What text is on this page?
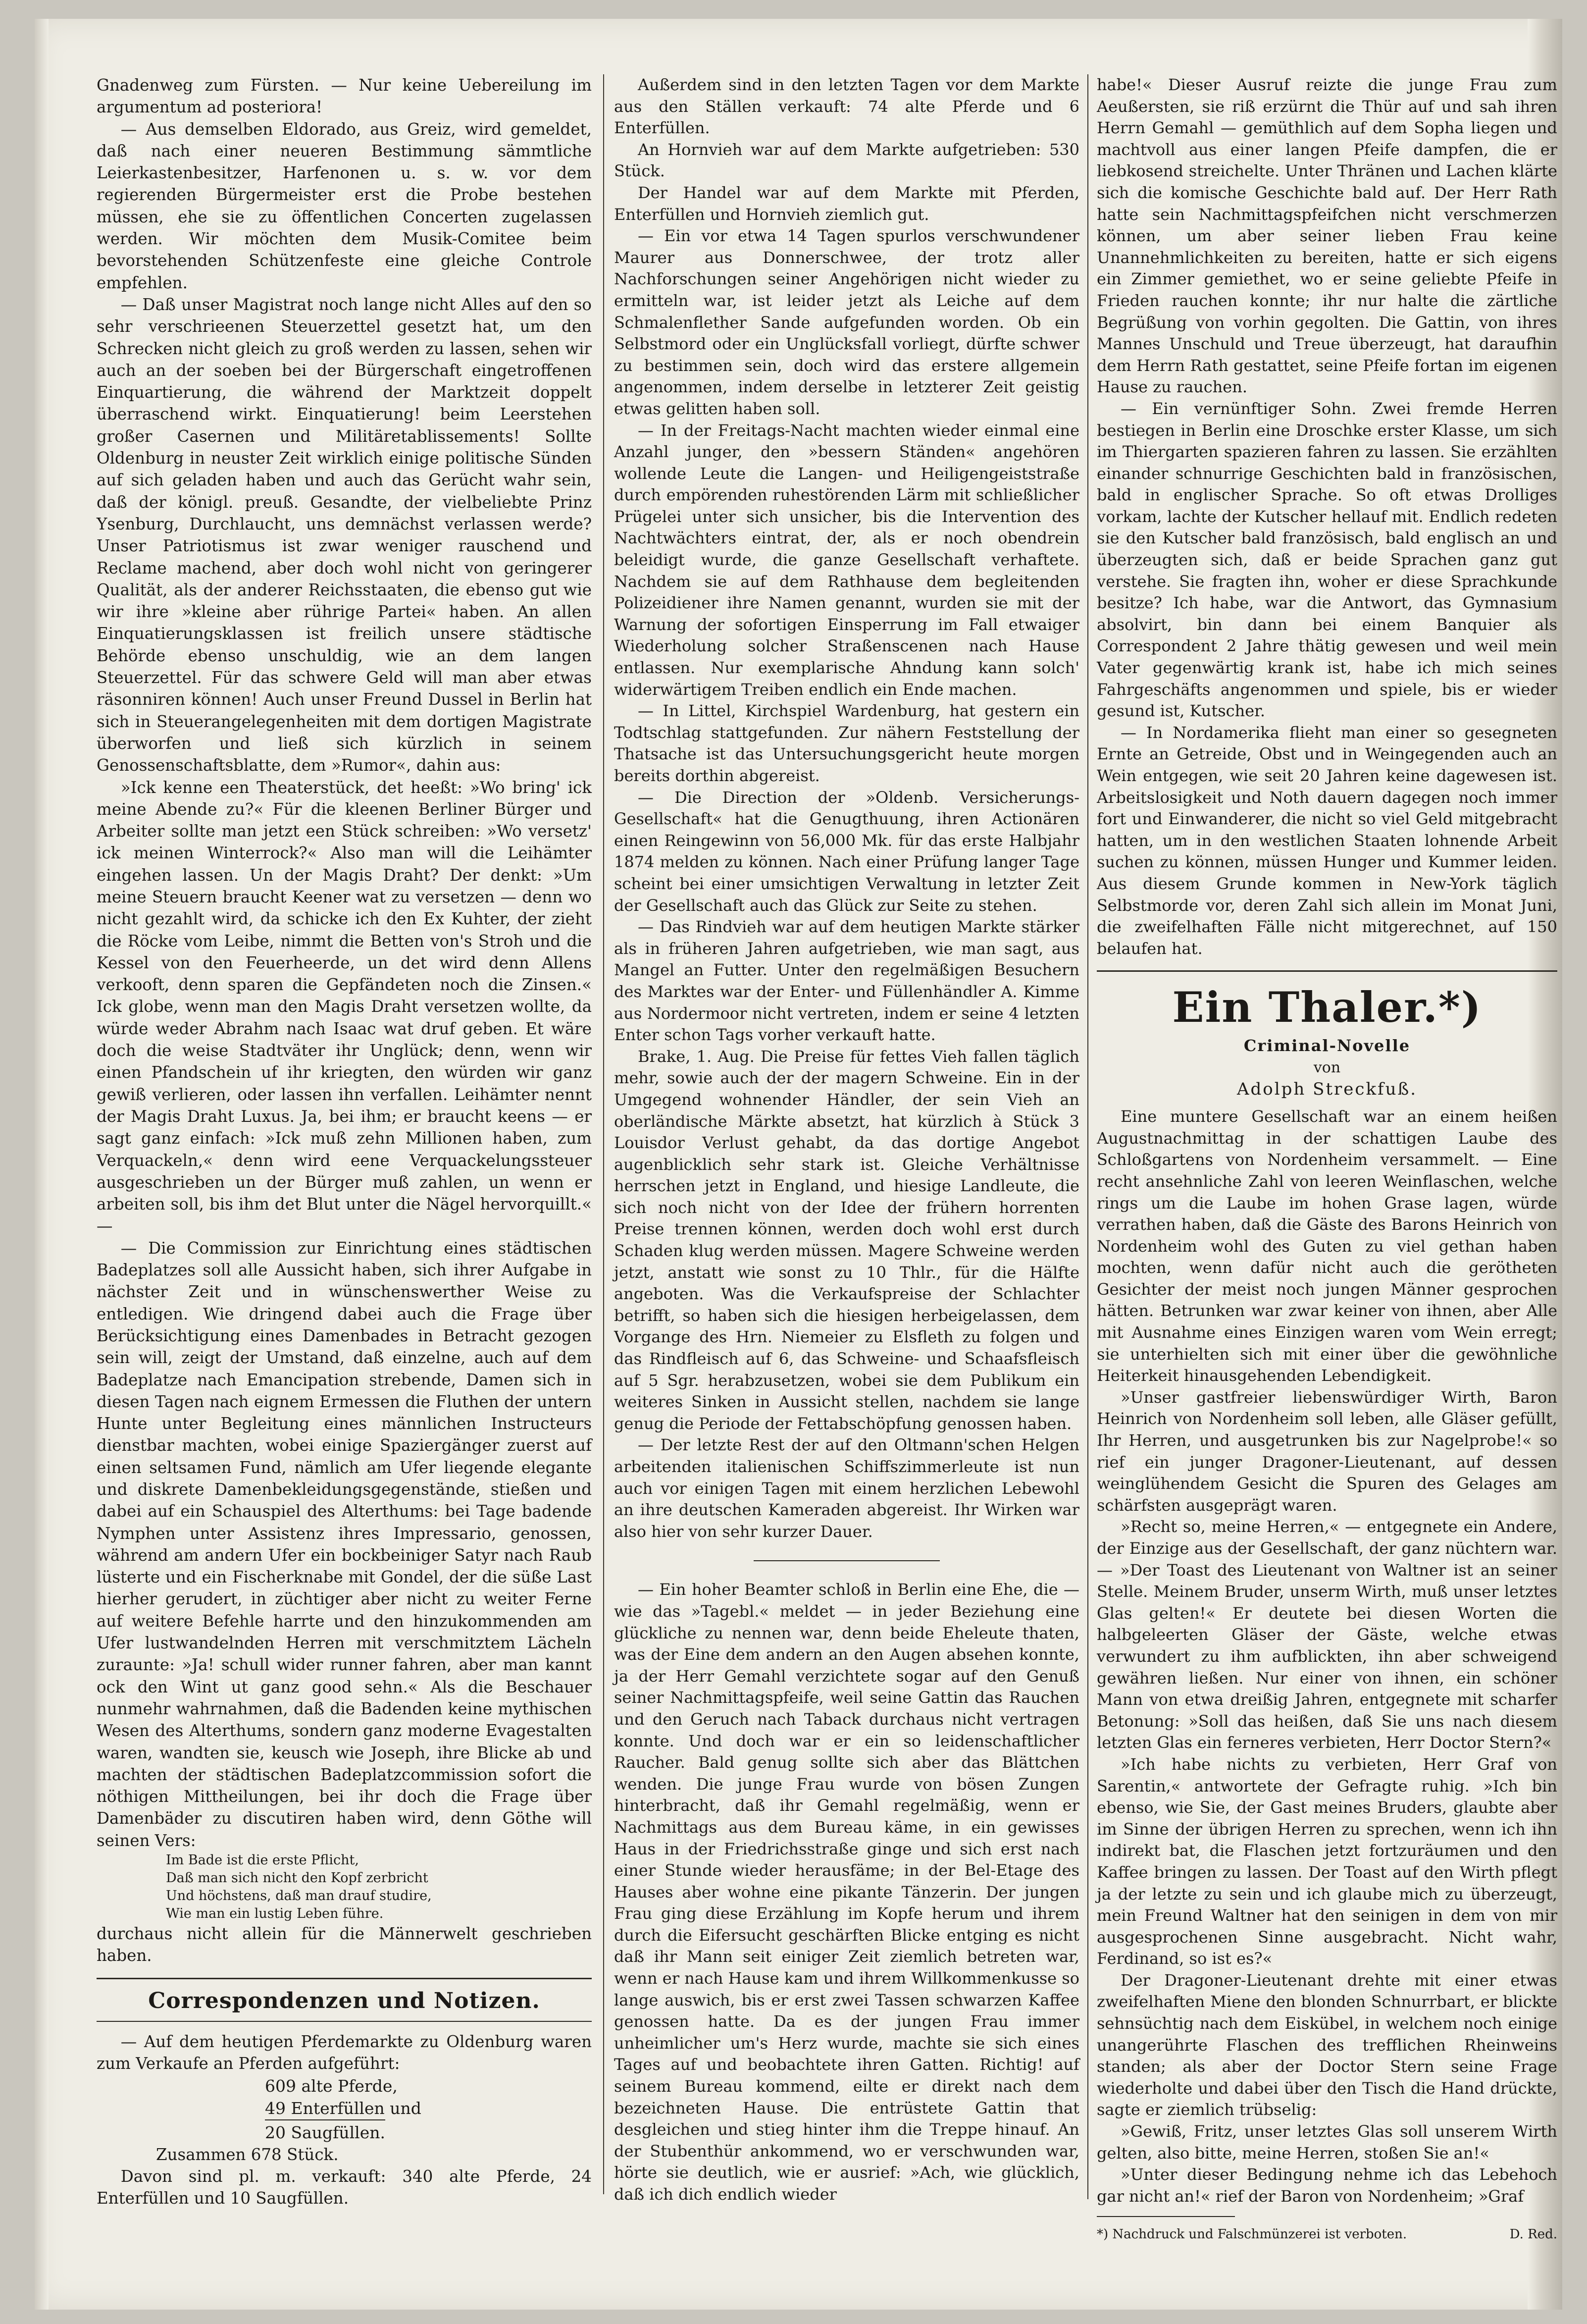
Gnadenweg zum Fürsten. — Nur keine Uebereilung im argumentum ad posteriora!

— Aus demselben Eldorado, aus Greiz, wird gemeldet, daß nach einer neueren Bestimmung sämmtliche Leierkastenbesitzer, Harfenonen u. s. w. vor dem regierenden Bürgermeister erst die Probe bestehen müssen, ehe sie zu öffentlichen Concerten zugelassen werden. Wir möchten dem Musik-Comitee beim bevorstehenden Schützenfeste eine gleiche Controle empfehlen.

— Daß unser Magistrat noch lange nicht Alles auf den so sehr verschrieenen Steuerzettel gesetzt hat, um den Schrecken nicht gleich zu groß werden zu lassen, sehen wir auch an der soeben bei der Bürgerschaft eingetroffenen Einquartierung, die während der Marktzeit doppelt überraschend wirkt. Einquatierung! beim Leerstehen großer Casernen und Militäretablissements! Sollte Oldenburg in neuster Zeit wirklich einige politische Sünden auf sich geladen haben und auch das Gerücht wahr sein, daß der königl. preuß. Gesandte, der vielbeliebte Prinz Ysenburg, Durchlaucht, uns demnächst verlassen werde? Unser Patriotismus ist zwar weniger rauschend und Reclame machend, aber doch wohl nicht von geringerer Qualität, als der anderer Reichsstaaten, die ebenso gut wie wir ihre »kleine aber rührige Partei« haben. An allen Einquatierungsklassen ist freilich unsere städtische Behörde ebenso unschuldig, wie an dem langen Steuerzettel. Für das schwere Geld will man aber etwas räsonniren können! Auch unser Freund Dussel in Berlin hat sich in Steuerangelegenheiten mit dem dortigen Magistrate überworfen und ließ sich kürzlich in seinem Genossenschaftsblatte, dem »Rumor«, dahin aus:

»Ick kenne een Theaterstück, det heeßt: »Wo bring' ick meine Abende zu?« Für die kleenen Berliner Bürger und Arbeiter sollte man jetzt een Stück schreiben: »Wo versetz' ick meinen Winterrock?« Also man will die Leihämter eingehen lassen. Un der Magis Draht? Der denkt: »Um meine Steuern braucht Keener wat zu versetzen — denn wo nicht gezahlt wird, da schicke ich den Ex Kuhter, der zieht die Röcke vom Leibe, nimmt die Betten von's Stroh und die Kessel von den Feuerheerde, un det wird denn Allens verkooft, denn sparen die Gepfändeten noch die Zinsen.« Ick globe, wenn man den Magis Draht versetzen wollte, da würde weder Abrahm nach Isaac wat druf geben. Et wäre doch die weise Stadtväter ihr Unglück; denn, wenn wir einen Pfandschein uf ihr kriegten, den würden wir ganz gewiß verlieren, oder lassen ihn verfallen. Leihämter nennt der Magis Draht Luxus. Ja, bei ihm; er braucht keens — er sagt ganz einfach: »Ick muß zehn Millionen haben, zum Verquackeln,« denn wird eene Verquackelungssteuer ausgeschrieben un der Bürger muß zahlen, un wenn er arbeiten soll, bis ihm det Blut unter die Nägel hervorquillt.« —

— Die Commission zur Einrichtung eines städtischen Badeplatzes soll alle Aussicht haben, sich ihrer Aufgabe in nächster Zeit und in wünschenswerther Weise zu entledigen. Wie dringend dabei auch die Frage über Berücksichtigung eines Damenbades in Betracht gezogen sein will, zeigt der Umstand, daß einzelne, auch auf dem Badeplatze nach Emancipation strebende, Damen sich in diesen Tagen nach eignem Ermessen die Fluthen der untern Hunte unter Begleitung eines männlichen Instructeurs dienstbar machten, wobei einige Spaziergänger zuerst auf einen seltsamen Fund, nämlich am Ufer liegende elegante und diskrete Damenbekleidungsgegenstände, stießen und dabei auf ein Schauspiel des Alterthums: bei Tage badende Nymphen unter Assistenz ihres Impressario, genossen, während am andern Ufer ein bockbeiniger Satyr nach Raub lüsterte und ein Fischerknabe mit Gondel, der die süße Last hierher gerudert, in züchtiger aber nicht zu weiter Ferne auf weitere Befehle harrte und den hinzukommenden am Ufer lustwandelnden Herren mit verschmitztem Lächeln zuraunte: »Ja! schull wider runner fahren, aber man kannt ock den Wint ut ganz good sehn.« Als die Beschauer nunmehr wahrnahmen, daß die Badenden keine mythischen Wesen des Alterthums, sondern ganz moderne Evagestalten waren, wandten sie, keusch wie Joseph, ihre Blicke ab und machten der städtischen Badeplatzcommission sofort die nöthigen Mittheilungen, bei ihr doch die Frage über Damenbäder zu discutiren haben wird, denn Göthe will seinen Vers:

Im Bade ist die erste Pflicht,

Daß man sich nicht den Kopf zerbricht

Und höchstens, daß man drauf studire,

Wie man ein lustig Leben führe.

durchaus nicht allein für die Männerwelt geschrieben haben.

Correspondenzen und Notizen.

— Auf dem heutigen Pferdemarkte zu Oldenburg waren zum Verkaufe an Pferden aufgeführt:

609 alte Pferde,
49 Enterfüllen und
20 Saugfüllen.

Zusammen 678 Stück.

Davon sind pl. m. verkauft: 340 alte Pferde, 24 Enterfüllen und 10 Saugfüllen.

Außerdem sind in den letzten Tagen vor dem Markte aus den Ställen verkauft: 74 alte Pferde und 6 Enterfüllen.

An Hornvieh war auf dem Markte aufgetrieben: 530 Stück.

Der Handel war auf dem Markte mit Pferden, Enterfüllen und Hornvieh ziemlich gut.

— Ein vor etwa 14 Tagen spurlos verschwundener Maurer aus Donnerschwee, der trotz aller Nachforschungen seiner Angehörigen nicht wieder zu ermitteln war, ist leider jetzt als Leiche auf dem Schmalenflether Sande aufgefunden worden. Ob ein Selbstmord oder ein Unglücksfall vorliegt, dürfte schwer zu bestimmen sein, doch wird das erstere allgemein angenommen, indem derselbe in letzterer Zeit geistig etwas gelitten haben soll.

— In der Freitags-Nacht machten wieder einmal eine Anzahl junger, den »bessern Ständen« angehören wollende Leute die Langen- und Heiligengeiststraße durch empörenden ruhestörenden Lärm mit schließlicher Prügelei unter sich unsicher, bis die Intervention des Nachtwächters eintrat, der, als er noch obendrein beleidigt wurde, die ganze Gesellschaft verhaftete. Nachdem sie auf dem Rathhause dem begleitenden Polizeidiener ihre Namen genannt, wurden sie mit der Warnung der sofortigen Einsperrung im Fall etwaiger Wiederholung solcher Straßenscenen nach Hause entlassen. Nur exemplarische Ahndung kann solch' widerwärtigem Treiben endlich ein Ende machen.

— In Littel, Kirchspiel Wardenburg, hat gestern ein Todtschlag stattgefunden. Zur nähern Feststellung der Thatsache ist das Untersuchungsgericht heute morgen bereits dorthin abgereist.

— Die Direction der »Oldenb. Versicherungs-Gesellschaft« hat die Genugthuung, ihren Actionären einen Reingewinn von 56,000 Mk. für das erste Halbjahr 1874 melden zu können. Nach einer Prüfung langer Tage scheint bei einer umsichtigen Verwaltung in letzter Zeit der Gesellschaft auch das Glück zur Seite zu stehen.

— Das Rindvieh war auf dem heutigen Markte stärker als in früheren Jahren aufgetrieben, wie man sagt, aus Mangel an Futter. Unter den regelmäßigen Besuchern des Marktes war der Enter- und Füllenhändler A. Kimme aus Nordermoor nicht vertreten, indem er seine 4 letzten Enter schon Tags vorher verkauft hatte.

Brake, 1. Aug. Die Preise für fettes Vieh fallen täglich mehr, sowie auch der der magern Schweine. Ein in der Umgegend wohnender Händler, der sein Vieh an oberländische Märkte absetzt, hat kürzlich à Stück 3 Louisdor Verlust gehabt, da das dortige Angebot augenblicklich sehr stark ist. Gleiche Verhältnisse herrschen jetzt in England, und hiesige Landleute, die sich noch nicht von der Idee der frühern horrenten Preise trennen können, werden doch wohl erst durch Schaden klug werden müssen. Magere Schweine werden jetzt, anstatt wie sonst zu 10 Thlr., für die Hälfte angeboten. Was die Verkaufspreise der Schlachter betrifft, so haben sich die hiesigen herbeigelassen, dem Vorgange des Hrn. Niemeier zu Elsfleth zu folgen und das Rindfleisch auf 6, das Schweine- und Schaafsfleisch auf 5 Sgr. herabzusetzen, wobei sie dem Publikum ein weiteres Sinken in Aussicht stellen, nachdem sie lange genug die Periode der Fettabschöpfung genossen haben.

— Der letzte Rest der auf den Oltmann'schen Helgen arbeitenden italienischen Schiffszimmerleute ist nun auch vor einigen Tagen mit einem herzlichen Lebewohl an ihre deutschen Kameraden abgereist. Ihr Wirken war also hier von sehr kurzer Dauer.

— Ein hoher Beamter schloß in Berlin eine Ehe, die — wie das »Tagebl.« meldet — in jeder Beziehung eine glückliche zu nennen war, denn beide Eheleute thaten, was der Eine dem andern an den Augen absehen konnte, ja der Herr Gemahl verzichtete sogar auf den Genuß seiner Nachmittagspfeife, weil seine Gattin das Rauchen und den Geruch nach Taback durchaus nicht vertragen konnte. Und doch war er ein so leidenschaftlicher Raucher. Bald genug sollte sich aber das Blättchen wenden. Die junge Frau wurde von bösen Zungen hinterbracht, daß ihr Gemahl regelmäßig, wenn er Nachmittags aus dem Bureau käme, in ein gewisses Haus in der Friedrichsstraße ginge und sich erst nach einer Stunde wieder herausfäme; in der Bel-Etage des Hauses aber wohne eine pikante Tänzerin. Der jungen Frau ging diese Erzählung im Kopfe herum und ihrem durch die Eifersucht geschärften Blicke entging es nicht daß ihr Mann seit einiger Zeit ziemlich betreten war, wenn er nach Hause kam und ihrem Willkommenkusse so lange auswich, bis er erst zwei Tassen schwarzen Kaffee genossen hatte. Da es der jungen Frau immer unheimlicher um's Herz wurde, machte sie sich eines Tages auf und beobachtete ihren Gatten. Richtig! auf seinem Bureau kommend, eilte er direkt nach dem bezeichneten Hause. Die entrüstete Gattin that desgleichen und stieg hinter ihm die Treppe hinauf. An der Stubenthür ankommend, wo er verschwunden war, hörte sie deutlich, wie er ausrief: »Ach, wie glücklich, daß ich dich endlich wieder

habe!« Dieser Ausruf reizte die junge Frau zum Aeußersten, sie riß erzürnt die Thür auf und sah ihren Herrn Gemahl — gemüthlich auf dem Sopha liegen und machtvoll aus einer langen Pfeife dampfen, die er liebkosend streichelte. Unter Thränen und Lachen klärte sich die komische Geschichte bald auf. Der Herr Rath hatte sein Nachmittagspfeifchen nicht verschmerzen können, um aber seiner lieben Frau keine Unannehmlichkeiten zu bereiten, hatte er sich eigens ein Zimmer gemiethet, wo er seine geliebte Pfeife in Frieden rauchen konnte; ihr nur halte die zärtliche Begrüßung von vorhin gegolten. Die Gattin, von ihres Mannes Unschuld und Treue überzeugt, hat daraufhin dem Herrn Rath gestattet, seine Pfeife fortan im eigenen Hause zu rauchen.

— Ein vernünftiger Sohn. Zwei fremde Herren bestiegen in Berlin eine Droschke erster Klasse, um sich im Thiergarten spazieren fahren zu lassen. Sie erzählten einander schnurrige Geschichten bald in französischen, bald in englischer Sprache. So oft etwas Drolliges vorkam, lachte der Kutscher hellauf mit. Endlich redeten sie den Kutscher bald französisch, bald englisch an und überzeugten sich, daß er beide Sprachen ganz gut verstehe. Sie fragten ihn, woher er diese Sprachkunde besitze? Ich habe, war die Antwort, das Gymnasium absolvirt, bin dann bei einem Banquier als Correspondent 2 Jahre thätig gewesen und weil mein Vater gegenwärtig krank ist, habe ich mich seines Fahrgeschäfts angenommen und spiele, bis er wieder gesund ist, Kutscher.

— In Nordamerika flieht man einer so gesegneten Ernte an Getreide, Obst und in Weingegenden auch an Wein entgegen, wie seit 20 Jahren keine dagewesen ist. Arbeitslosigkeit und Noth dauern dagegen noch immer fort und Einwanderer, die nicht so viel Geld mitgebracht hatten, um in den westlichen Staaten lohnende Arbeit suchen zu können, müssen Hunger und Kummer leiden. Aus diesem Grunde kommen in New-York täglich Selbstmorde vor, deren Zahl sich allein im Monat Juni, die zweifelhaften Fälle nicht mitgerechnet, auf 150 belaufen hat.

Ein Thaler.*)
Criminal-Novelle
von
Adolph Streckfuß.

Eine muntere Gesellschaft war an einem heißen Augustnachmittag in der schattigen Laube des Schloßgartens von Nordenheim versammelt. — Eine recht ansehnliche Zahl von leeren Weinflaschen, welche rings um die Laube im hohen Grase lagen, würde verrathen haben, daß die Gäste des Barons Heinrich von Nordenheim wohl des Guten zu viel gethan haben mochten, wenn dafür nicht auch die gerötheten Gesichter der meist noch jungen Männer gesprochen hätten. Betrunken war zwar keiner von ihnen, aber Alle mit Ausnahme eines Einzigen waren vom Wein erregt; sie unterhielten sich mit einer über die gewöhnliche Heiterkeit hinausgehenden Lebendigkeit.

»Unser gastfreier liebenswürdiger Wirth, Baron Heinrich von Nordenheim soll leben, alle Gläser gefüllt, Ihr Herren, und ausgetrunken bis zur Nagelprobe!« so rief ein junger Dragoner-Lieutenant, auf dessen weinglühendem Gesicht die Spuren des Gelages am schärfsten ausgeprägt waren.

»Recht so, meine Herren,« — entgegnete ein Andere, der Einzige aus der Gesellschaft, der ganz nüchtern war. — »Der Toast des Lieutenant von Waltner ist an seiner Stelle. Meinem Bruder, unserm Wirth, muß unser letztes Glas gelten!« Er deutete bei diesen Worten die halbgeleerten Gläser der Gäste, welche etwas verwundert zu ihm aufblickten, ihn aber schweigend gewähren ließen. Nur einer von ihnen, ein schöner Mann von etwa dreißig Jahren, entgegnete mit scharfer Betonung: »Soll das heißen, daß Sie uns nach diesem letzten Glas ein ferneres verbieten, Herr Doctor Stern?«

»Ich habe nichts zu verbieten, Herr Graf von Sarentin,« antwortete der Gefragte ruhig. »Ich bin ebenso, wie Sie, der Gast meines Bruders, glaubte aber im Sinne der übrigen Herren zu sprechen, wenn ich ihn indirekt bat, die Flaschen jetzt fortzuräumen und den Kaffee bringen zu lassen. Der Toast auf den Wirth pflegt ja der letzte zu sein und ich glaube mich zu überzeugt, mein Freund Waltner hat den seinigen in dem von mir ausgesprochenen Sinne ausgebracht. Nicht wahr, Ferdinand, so ist es?«

Der Dragoner-Lieutenant drehte mit einer etwas zweifelhaften Miene den blonden Schnurrbart, er blickte sehnsüchtig nach dem Eiskübel, in welchem noch einige unangerührte Flaschen des trefflichen Rheinweins standen; als aber der Doctor Stern seine Frage wiederholte und dabei über den Tisch die Hand drückte, sagte er ziemlich trübselig:

»Gewiß, Fritz, unser letztes Glas soll unserem Wirth gelten, also bitte, meine Herren, stoßen Sie an!«

»Unter dieser Bedingung nehme ich das Lebehoch gar nicht an!« rief der Baron von Nordenheim; »Graf

*) Nachdruck und Falschmünzerei ist verboten.	D. Red.
